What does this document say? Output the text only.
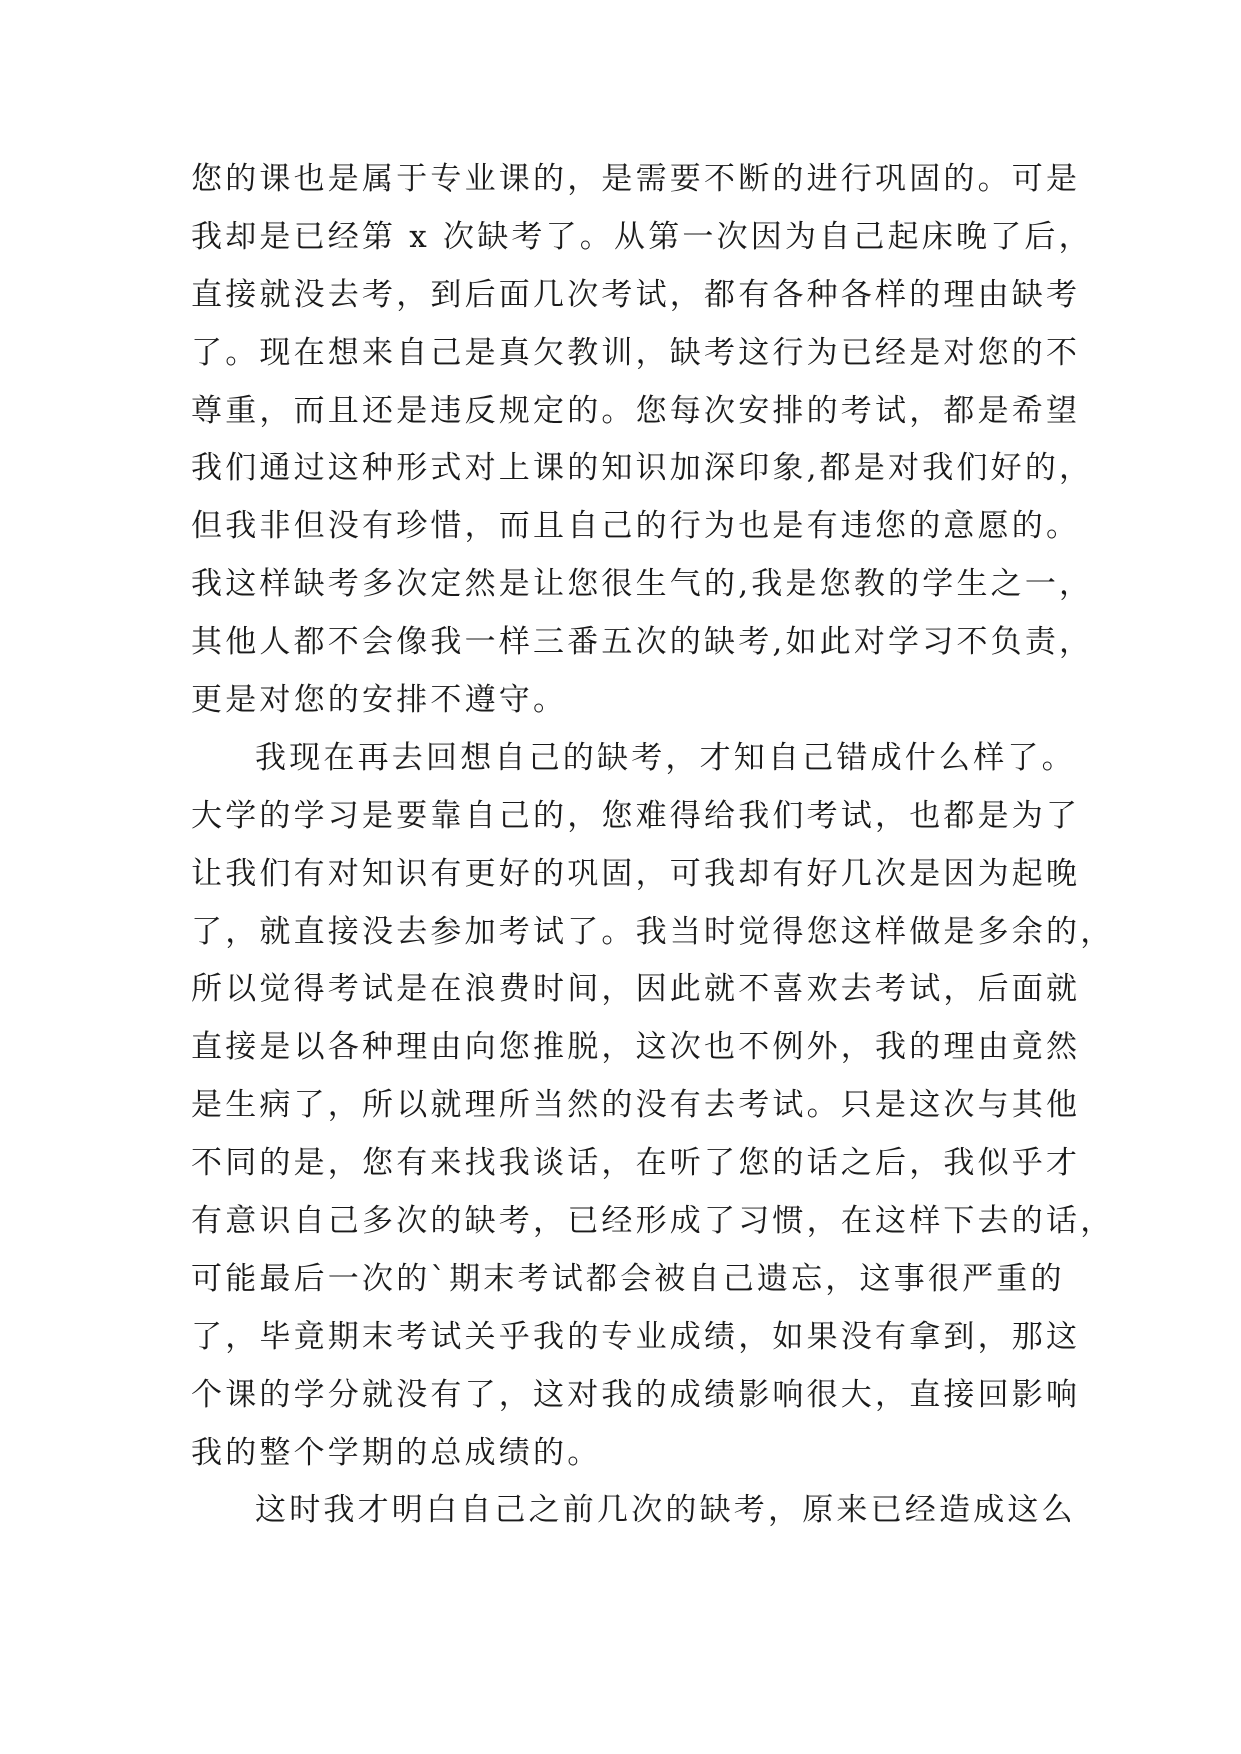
您的课也是属于专业课的，是需要不断的进行巩固的。可是
我却是已经第 x 次缺考了。从第一次因为自己起床晚了后，
直接就没去考，到后面几次考试，都有各种各样的理由缺考
了。现在想来自己是真欠教训，缺考这行为已经是对您的不
尊重，而且还是违反规定的。您每次安排的考试，都是希望
我们通过这种形式对上课的知识加深印象,都是对我们好的，
但我非但没有珍惜，而且自己的行为也是有违您的意愿的。
我这样缺考多次定然是让您很生气的,我是您教的学生之一，
其他人都不会像我一样三番五次的缺考,如此对学习不负责，
更是对您的安排不遵守。
我现在再去回想自己的缺考，才知自己错成什么样了。
大学的学习是要靠自己的，您难得给我们考试，也都是为了
让我们有对知识有更好的巩固，可我却有好几次是因为起晚
了，就直接没去参加考试了。我当时觉得您这样做是多余的，
所以觉得考试是在浪费时间，因此就不喜欢去考试，后面就
直接是以各种理由向您推脱，这次也不例外，我的理由竟然
是生病了，所以就理所当然的没有去考试。只是这次与其他
不同的是，您有来找我谈话，在听了您的话之后，我似乎才
有意识自己多次的缺考，已经形成了习惯，在这样下去的话，
可能最后一次的`期末考试都会被自己遗忘，这事很严重的
了，毕竟期末考试关乎我的专业成绩，如果没有拿到，那这
个课的学分就没有了，这对我的成绩影响很大，直接回影响
我的整个学期的总成绩的。
这时我才明白自己之前几次的缺考，原来已经造成这么
